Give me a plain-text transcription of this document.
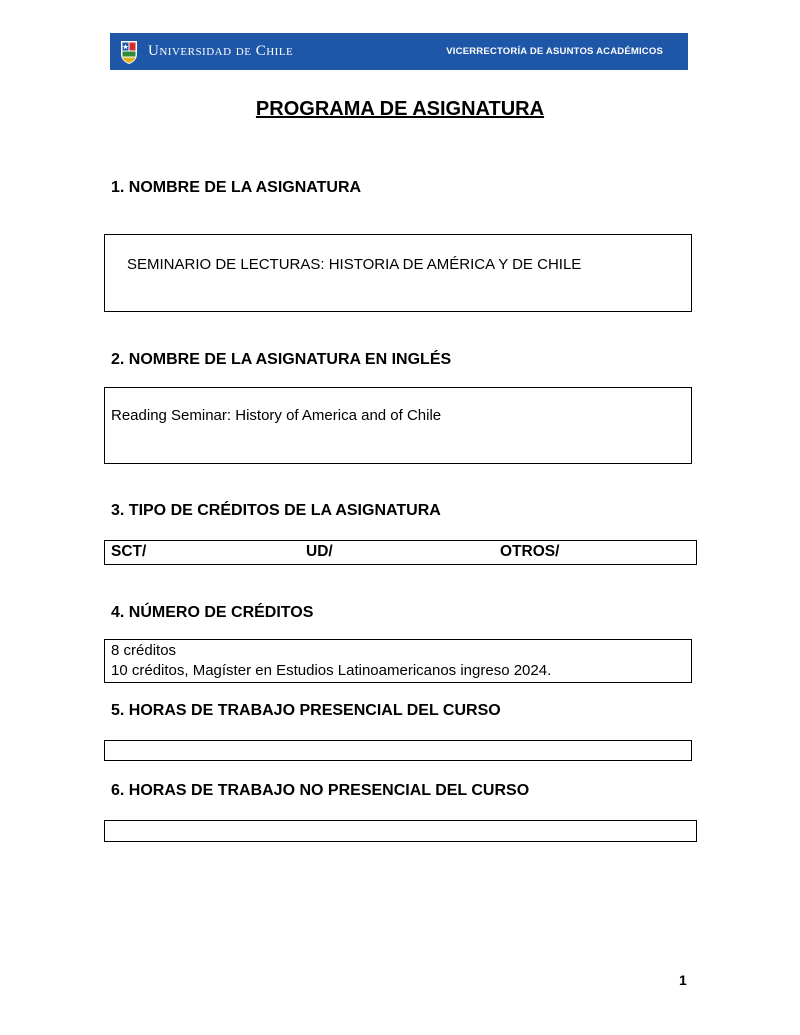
Universidad de Chile	VICERRECTORÍA DE ASUNTOS ACADÉMICOS
PROGRAMA DE ASIGNATURA
1. NOMBRE DE LA ASIGNATURA
SEMINARIO DE LECTURAS: HISTORIA DE AMÉRICA Y DE CHILE
2. NOMBRE DE LA ASIGNATURA EN INGLÉS
Reading Seminar: History of America and of Chile
3. TIPO DE CRÉDITOS DE LA ASIGNATURA
SCT/	UD/	OTROS/
4. NÚMERO DE CRÉDITOS
8 créditos
10 créditos, Magíster en Estudios Latinoamericanos ingreso 2024.
5. HORAS DE TRABAJO PRESENCIAL DEL CURSO
6. HORAS DE TRABAJO NO PRESENCIAL DEL CURSO
1
